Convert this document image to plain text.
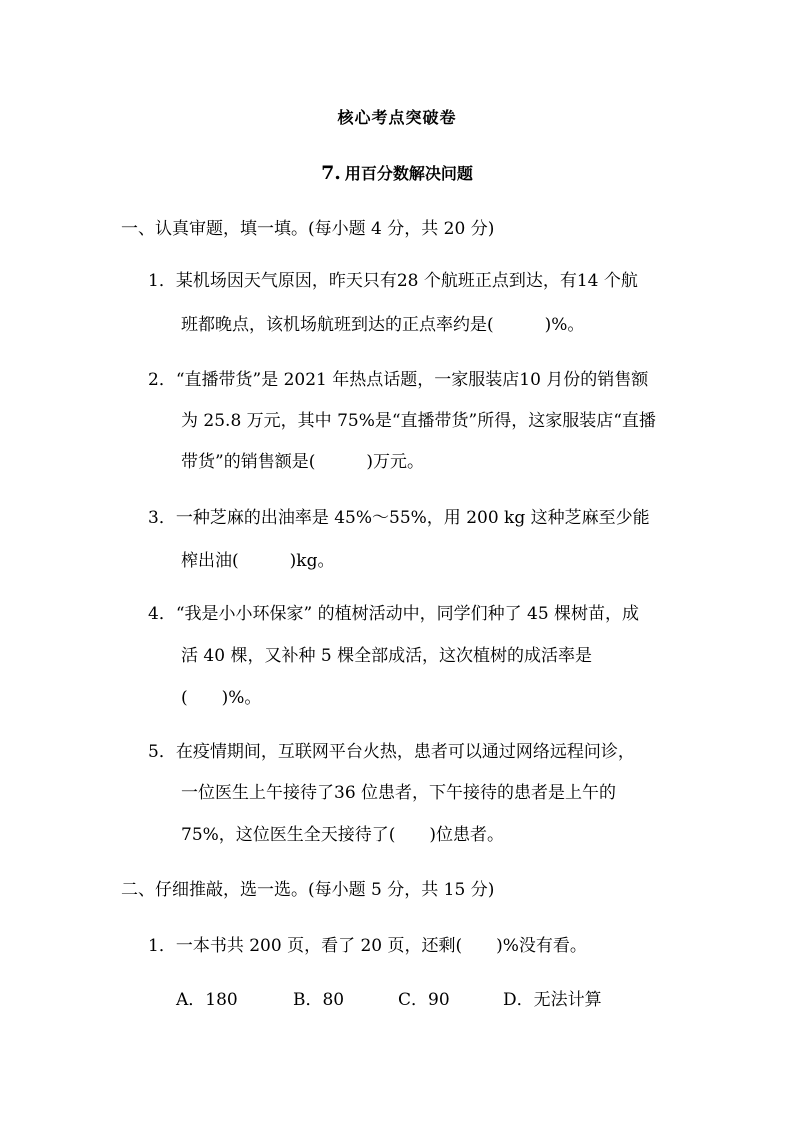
核心考点突破卷
7. 用百分数解决问题
一、认真审题，填一填。(每小题 4 分，共 20 分)
1．某机场因天气原因，昨天只有28 个航班正点到达，有14 个航
班都晚点，该机场航班到达的正点率约是(　　　)%。
2．“直播带货”是 2021 年热点话题，一家服装店10 月份的销售额
为 25.8 万元，其中 75%是“直播带货”所得，这家服装店“直播
带货”的销售额是(　　　)万元。
3．一种芝麻的出油率是 45%～55%，用 200 kg 这种芝麻至少能
榨出油(　　　)kg。
4．“我是小小环保家” 的植树活动中，同学们种了 45 棵树苗，成
活 40 棵，又补种 5 棵全部成活，这次植树的成活率是
(　　)%。
5．在疫情期间，互联网平台火热，患者可以通过网络远程问诊，
一位医生上午接待了36 位患者，下午接待的患者是上午的
75%，这位医生全天接待了(　　)位患者。
二、仔细推敲，选一选。(每小题 5 分，共 15 分)
1．一本书共 200 页，看了 20 页，还剩(　　)%没有看。
A．180	B．80	C．90	D．无法计算
